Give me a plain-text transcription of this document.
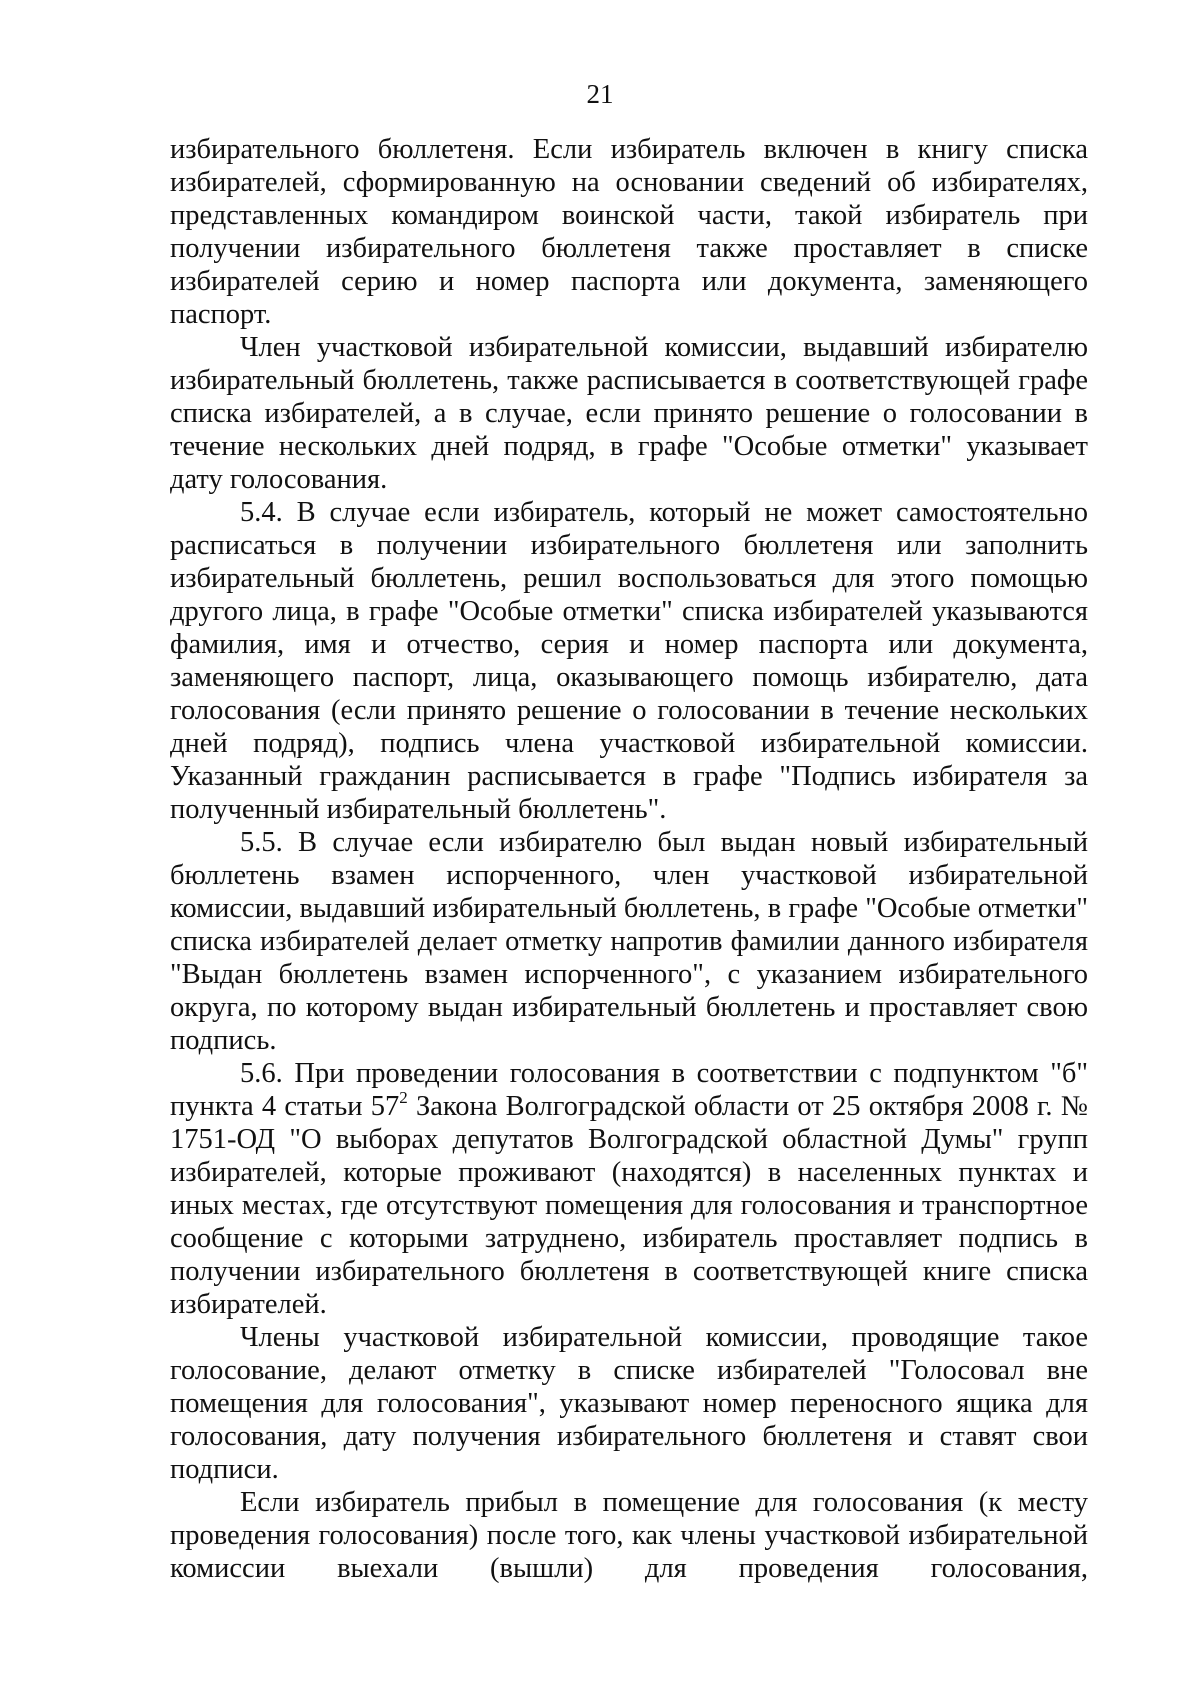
21

избирательного бюллетеня. Если избиратель включен в книгу списка избирателей, сформированную на основании сведений об избирателях, представленных командиром воинской части, такой избиратель при получении избирательного бюллетеня также проставляет в списке избирателей серию и номер паспорта или документа, заменяющего паспорт.

Член участковой избирательной комиссии, выдавший избирателю избирательный бюллетень, также расписывается в соответствующей графе списка избирателей, а в случае, если принято решение о голосовании в течение нескольких дней подряд, в графе "Особые отметки" указывает дату голосования.

5.4. В случае если избиратель, который не может самостоятельно расписаться в получении избирательного бюллетеня или заполнить избирательный бюллетень, решил воспользоваться для этого помощью другого лица, в графе "Особые отметки" списка избирателей указываются фамилия, имя и отчество, серия и номер паспорта или документа, заменяющего паспорт, лица, оказывающего помощь избирателю, дата голосования (если принято решение о голосовании в течение нескольких дней подряд), подпись члена участковой избирательной комиссии. Указанный гражданин расписывается в графе "Подпись избирателя за полученный избирательный бюллетень".

5.5. В случае если избирателю был выдан новый избирательный бюллетень взамен испорченного, член участковой избирательной комиссии, выдавший избирательный бюллетень, в графе "Особые отметки" списка избирателей делает отметку напротив фамилии данного избирателя "Выдан бюллетень взамен испорченного", с указанием избирательного округа, по которому выдан избирательный бюллетень и проставляет свою подпись.

5.6. При проведении голосования в соответствии с подпунктом "б" пункта 4 статьи $57^2$ Закона Волгоградской области от 25 октября 2008 г. № 1751-ОД "О выборах депутатов Волгоградской областной Думы" групп избирателей, которые проживают (находятся) в населенных пунктах и иных местах, где отсутствуют помещения для голосования и транспортное сообщение с которыми затруднено, избиратель проставляет подпись в получении избирательного бюллетеня в соответствующей книге списка избирателей.

Члены участковой избирательной комиссии, проводящие такое голосование, делают отметку в списке избирателей "Голосовал вне помещения для голосования", указывают номер переносного ящика для голосования, дату получения избирательного бюллетеня и ставят свои подписи.

Если избиратель прибыл в помещение для голосования (к месту проведения голосования) после того, как члены участковой избирательной комиссии выехали (вышли) для проведения голосования,
